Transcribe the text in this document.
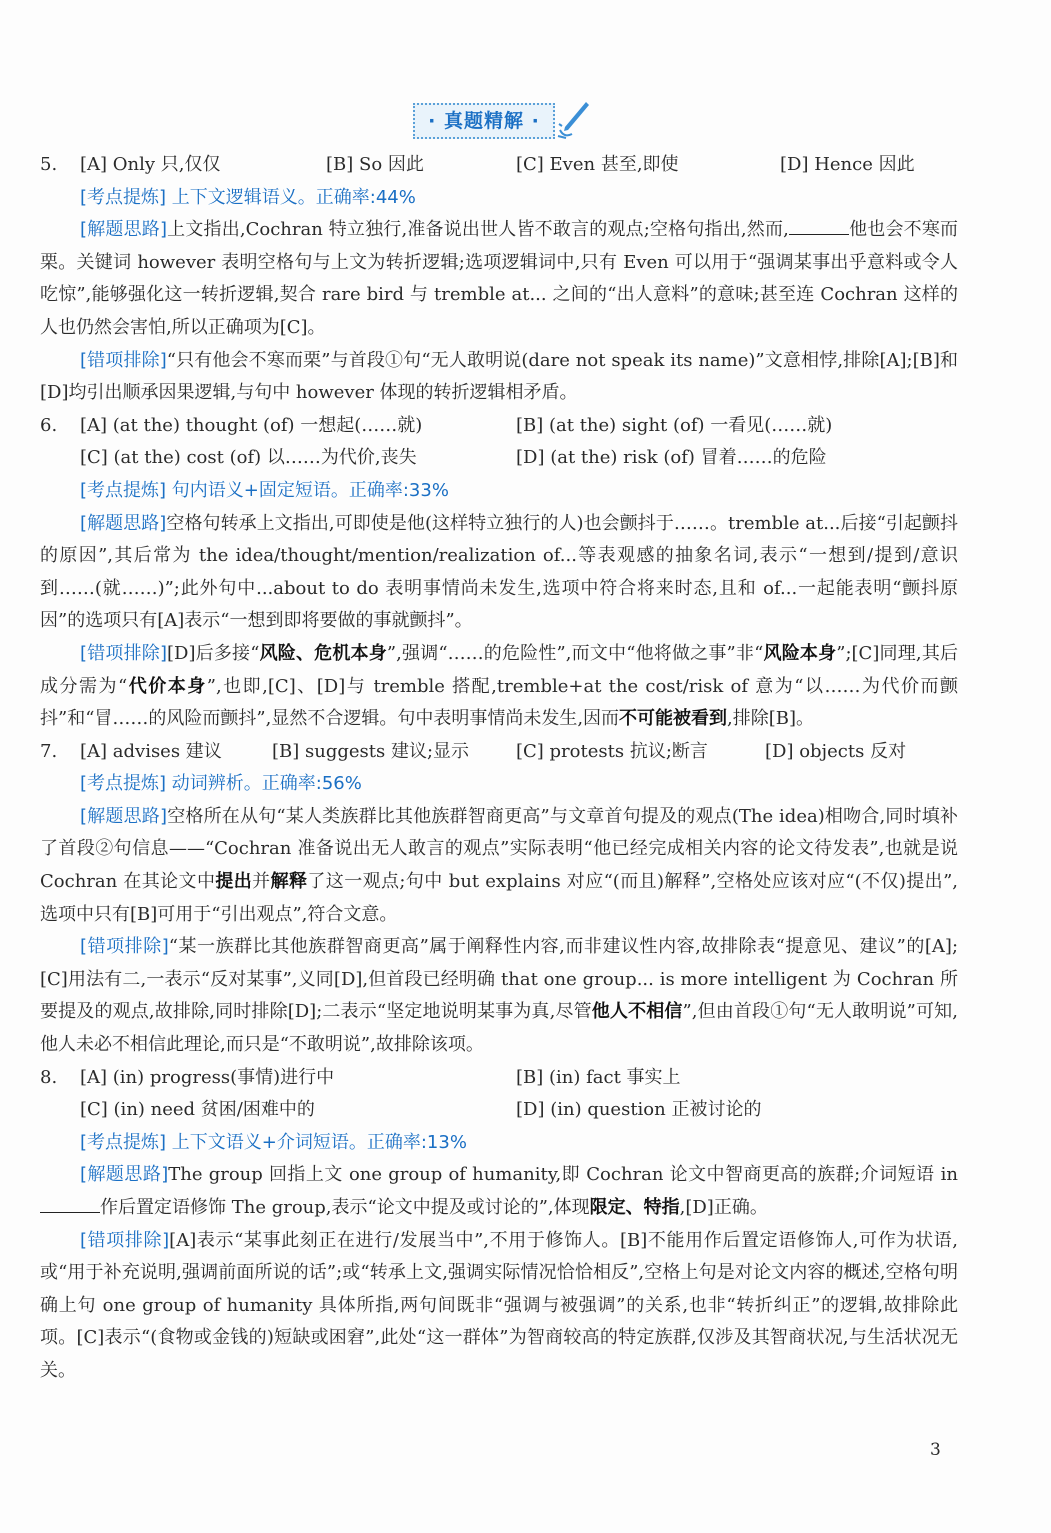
· 真题精解 ·
5.	[A] Only 只,仅仅	[B] So 因此	[C] Even 甚至,即使	[D] Hence 因此
[考点提炼] 上下文逻辑语义。正确率:44%
[解题思路]上文指出,Cochran 特立独行,准备说出世人皆不敢言的观点;空格句指出,然而,	他也会不寒而栗。关键词 however 表明空格句与上文为转折逻辑;选项逻辑词中,只有 Even 可以用于“强调某事出乎意料或令人吃惊”,能够强化这一转折逻辑,契合 rare bird 与 tremble at... 之间的“出人意料”的意味;甚至连 Cochran 这样的人也仍然会害怕,所以正确项为[C]。
[错项排除]“只有他会不寒而栗”与首段①句“无人敢明说(dare not speak its name)”文意相悖,排除[A];[B]和[D]均引出顺承因果逻辑,与句中 however 体现的转折逻辑相矛盾。
6.	[A] (at the) thought (of) 一想起(……就)	[B] (at the) sight (of) 一看见(……就)
[C] (at the) cost (of) 以……为代价,丧失	[D] (at the) risk (of) 冒着……的危险
[考点提炼] 句内语义+固定短语。正确率:33%
[解题思路]空格句转承上文指出,可即使是他(这样特立独行的人)也会颤抖于……。tremble at...后接“引起颤抖的原因”,其后常为 the idea/thought/mention/realization of...等表观感的抽象名词,表示“一想到/提到/意识到……(就……)”;此外句中...about to do 表明事情尚未发生,选项中符合将来时态,且和 of...一起能表明“颤抖原因”的选项只有[A]表示“一想到即将要做的事就颤抖”。
[错项排除][D]后多接“风险、危机本身”,强调“……的危险性”,而文中“他将做之事”非“风险本身”;[C]同理,其后成分需为“代价本身”,也即,[C]、[D]与 tremble 搭配,tremble+at the cost/risk of 意为“以……为代价而颤抖”和“冒……的风险而颤抖”,显然不合逻辑。句中表明事情尚未发生,因而不可能被看到,排除[B]。
7.	[A] advises 建议	[B] suggests 建议;显示	[C] protests 抗议;断言	[D] objects 反对
[考点提炼] 动词辨析。正确率:56%
[解题思路]空格所在从句“某人类族群比其他族群智商更高”与文章首句提及的观点(The idea)相吻合,同时填补了首段②句信息——“Cochran 准备说出无人敢言的观点”实际表明“他已经完成相关内容的论文待发表”,也就是说 Cochran 在其论文中提出并解释了这一观点;句中 but explains 对应“(而且)解释”,空格处应该对应“(不仅)提出”,选项中只有[B]可用于“引出观点”,符合文意。
[错项排除]“某一族群比其他族群智商更高”属于阐释性内容,而非建议性内容,故排除表“提意见、建议”的[A];[C]用法有二,一表示“反对某事”,义同[D],但首段已经明确 that one group... is more intelligent 为 Cochran 所要提及的观点,故排除,同时排除[D];二表示“坚定地说明某事为真,尽管他人不相信”,但由首段①句“无人敢明说”可知,他人未必不相信此理论,而只是“不敢明说”,故排除该项。
8.	[A] (in) progress(事情)进行中	[B] (in) fact 事实上
[C] (in) need 贫困/困难中的	[D] (in) question 正被讨论的
[考点提炼] 上下文语义+介词短语。正确率:13%
[解题思路]The group 回指上文 one group of humanity,即 Cochran 论文中智商更高的族群;介词短语 in 作后置定语修饰 The group,表示“论文中提及或讨论的”,体现限定、特指,[D]正确。
[错项排除][A]表示“某事此刻正在进行/发展当中”,不用于修饰人。[B]不能用作后置定语修饰人,可作为状语,或“用于补充说明,强调前面所说的话”;或“转承上文,强调实际情况恰恰相反”,空格上句是对论文内容的概述,空格句明确上句 one group of humanity 具体所指,两句间既非“强调与被强调”的关系,也非“转折纠正”的逻辑,故排除此项。[C]表示“(食物或金钱的)短缺或困窘”,此处“这一群体”为智商较高的特定族群,仅涉及其智商状况,与生活状况无关。
3
